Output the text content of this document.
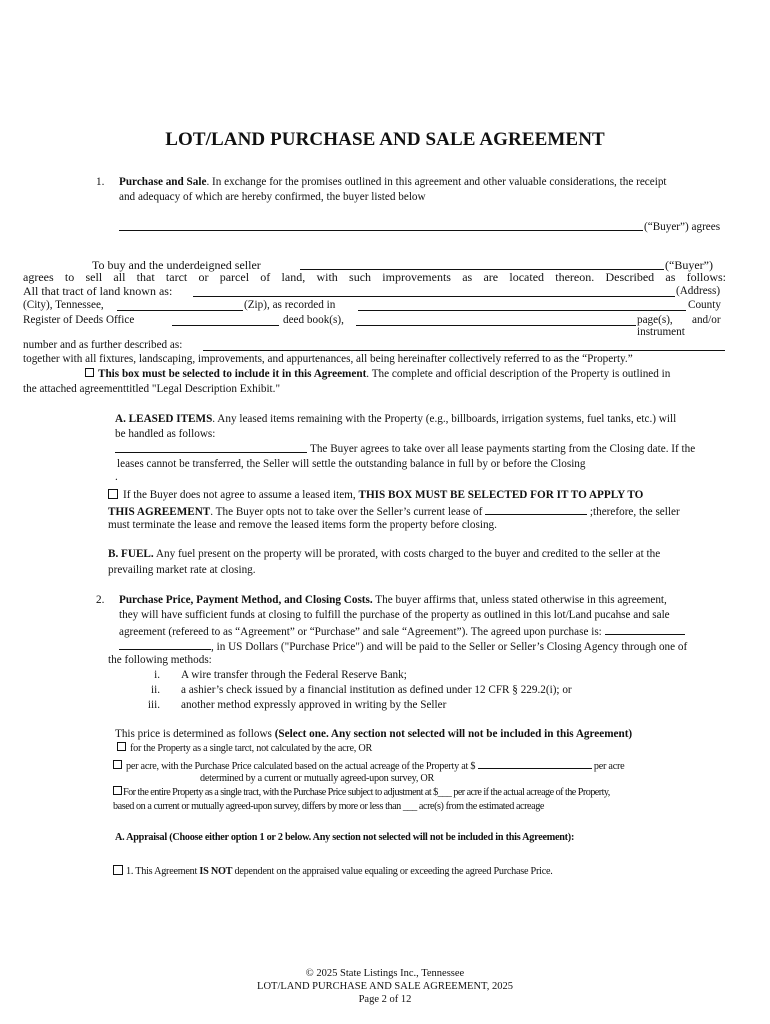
LOT/LAND PURCHASE AND SALE AGREEMENT
1. Purchase and Sale. In exchange for the promises outlined in this agreement and other valuable considerations, the receipt
and adequacy of which are hereby confirmed, the buyer listed below
(“Buyer”) agrees
To buy and the underdeigned seller	(“Buyer”)
agrees to sell all that tarct or parcel of land, with such improvements as are located thereon. Described as follows:
All that tract of land known as:	(Address)
(City), Tennessee,	(Zip), as recorded in	County
Register of Deeds Office	deed book(s),	page(s), and/or
instrument
number and as further described as:
together with all fixtures, landscaping, improvements, and appurtenances, all being hereinafter collectively referred to as the “Property.”
This box must be selected to include it in this Agreement. The complete and official description of the Property is outlined in
the attached agreementtitled "Legal Description Exhibit."
A. LEASED ITEMS. Any leased items remaining with the Property (e.g., billboards, irrigation systems, fuel tanks, etc.) will
be handled as follows:
The Buyer agrees to take over all lease payments starting from the Closing date. If the
leases cannot be transferred, the Seller will settle the outstanding balance in full by or before the Closing
.
If the Buyer does not agree to assume a leased item, THIS BOX MUST BE SELECTED FOR IT TO APPLY TO
THIS AGREEMENT. The Buyer opts not to take over the Seller’s current lease of	;therefore, the seller
must terminate the lease and remove the leased items form the property before closing.
B. FUEL. Any fuel present on the property will be prorated, with costs charged to the buyer and credited to the seller at the
prevailing market rate at closing.
2. Purchase Price, Payment Method, and Closing Costs. The buyer affirms that, unless stated otherwise in this agreement,
they will have sufficient funds at closing to fulfill the purchase of the property as outlined in this lot/Land pucahse and sale
agreement (refereed to as “Agreement” or “Purchase” and sale “Agreement”). The agreed upon purchase is:
, in US Dollars ("Purchase Price") and will be paid to the Seller or Seller’s Closing Agency through one of
the following methods:
i. A wire transfer through the Federal Reserve Bank;
ii. a ashier’s check issued by a financial institution as defined under 12 CFR § 229.2(i); or
iii. another method expressly approved in writing by the Seller
This price is determined as follows (Select one. Any section not selected will not be included in this Agreement)
for the Property as a single tarct, not calculated by the acre, OR
per acre, with the Purchase Price calculated based on the actual acreage of the Property at $	per acre
determined by a current or mutually agreed-upon survey, OR
For the entire Property as a single tract, with the Purchase Price subject to adjustment at $___ per acre if the actual acreage of the Property,
based on a current or mutually agreed-upon survey, differs by more or less than ___ acre(s) from the estimated acreage
A. Appraisal (Choose either option 1 or 2 below. Any section not selected will not be included in this Agreement):
1. This Agreement IS NOT dependent on the appraised value equaling or exceeding the agreed Purchase Price.
© 2025 State Listings Inc., Tennessee
LOT/LAND PURCHASE AND SALE AGREEMENT, 2025
Page 2 of 12
